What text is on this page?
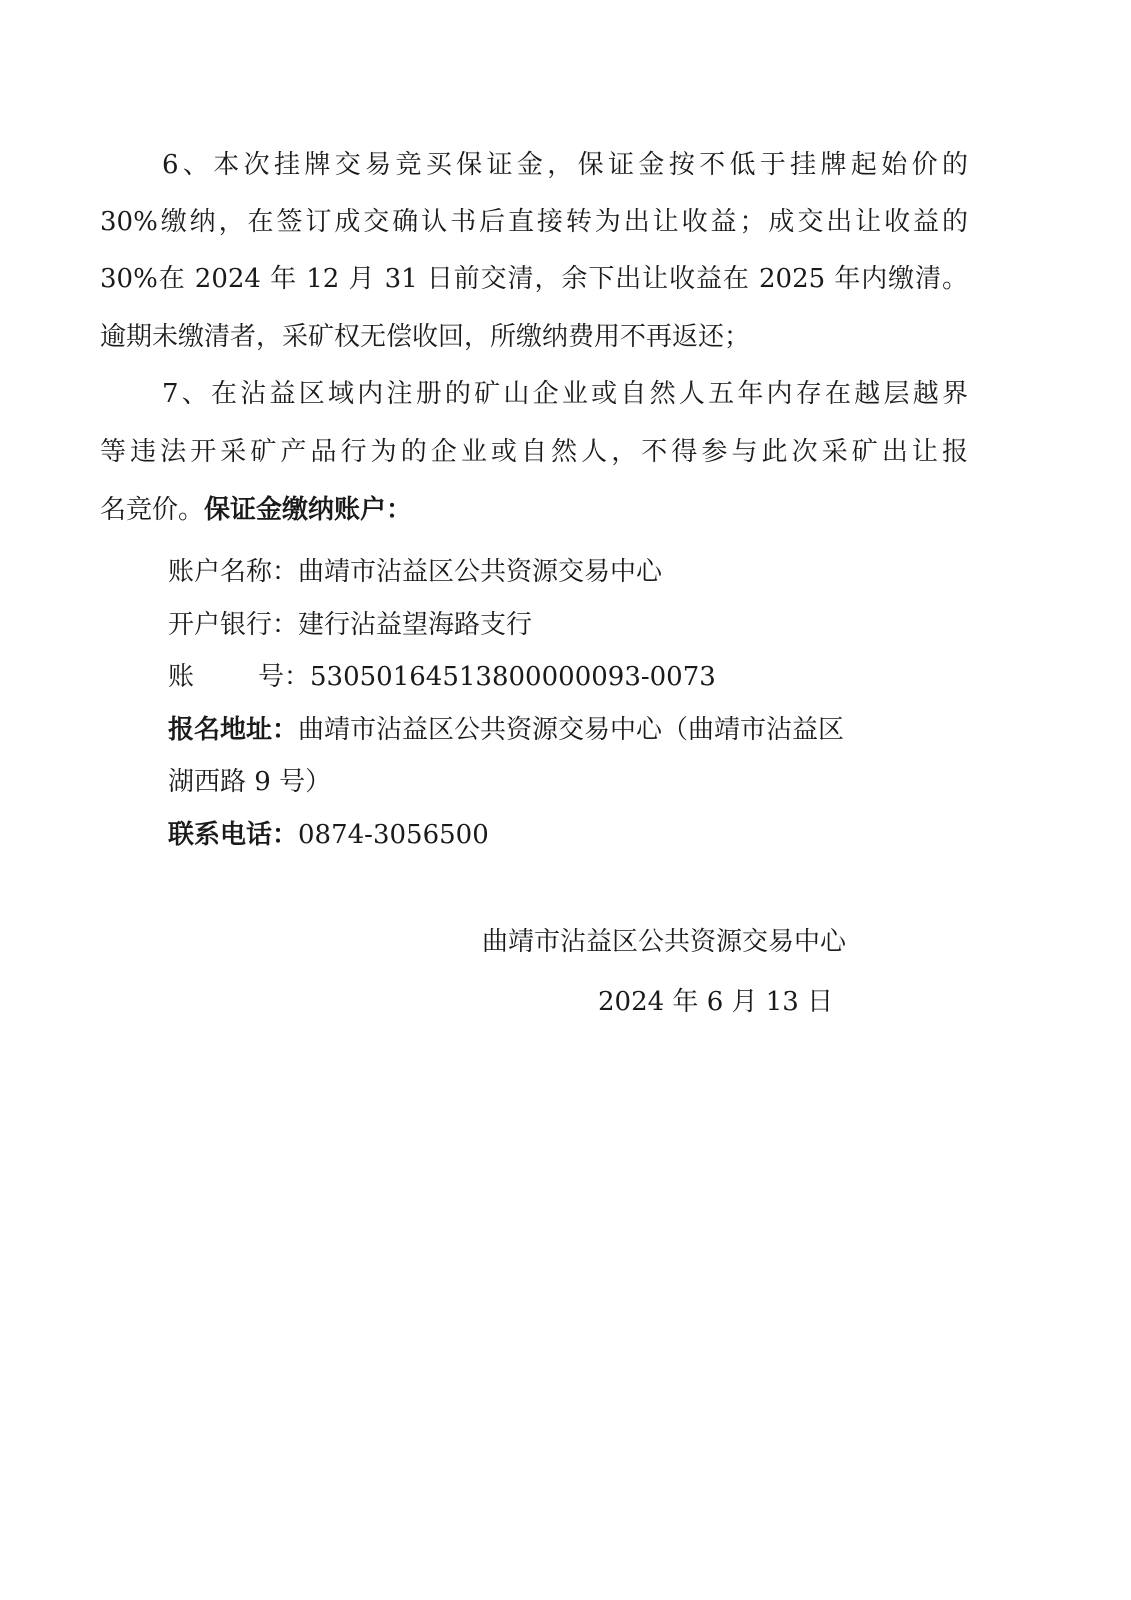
6、本次挂牌交易竞买保证金，保证金按不低于挂牌起始价的
30%缴纳，在签订成交确认书后直接转为出让收益；成交出让收益的
30%在 2024 年 12 月 31 日前交清，余下出让收益在 2025 年内缴清。
逾期未缴清者，采矿权无偿收回，所缴纳费用不再返还；
7、在沾益区域内注册的矿山企业或自然人五年内存在越层越界
等违法开采矿产品行为的企业或自然人，不得参与此次采矿出让报
名竞价。保证金缴纳账户：
账户名称：曲靖市沾益区公共资源交易中心
开户银行：建行沾益望海路支行
账 号：53050164513800000093-0073
报名地址：曲靖市沾益区公共资源交易中心（曲靖市沾益区
湖西路 9 号）
联系电话：0874-3056500
曲靖市沾益区公共资源交易中心
2024 年 6 月 13 日
